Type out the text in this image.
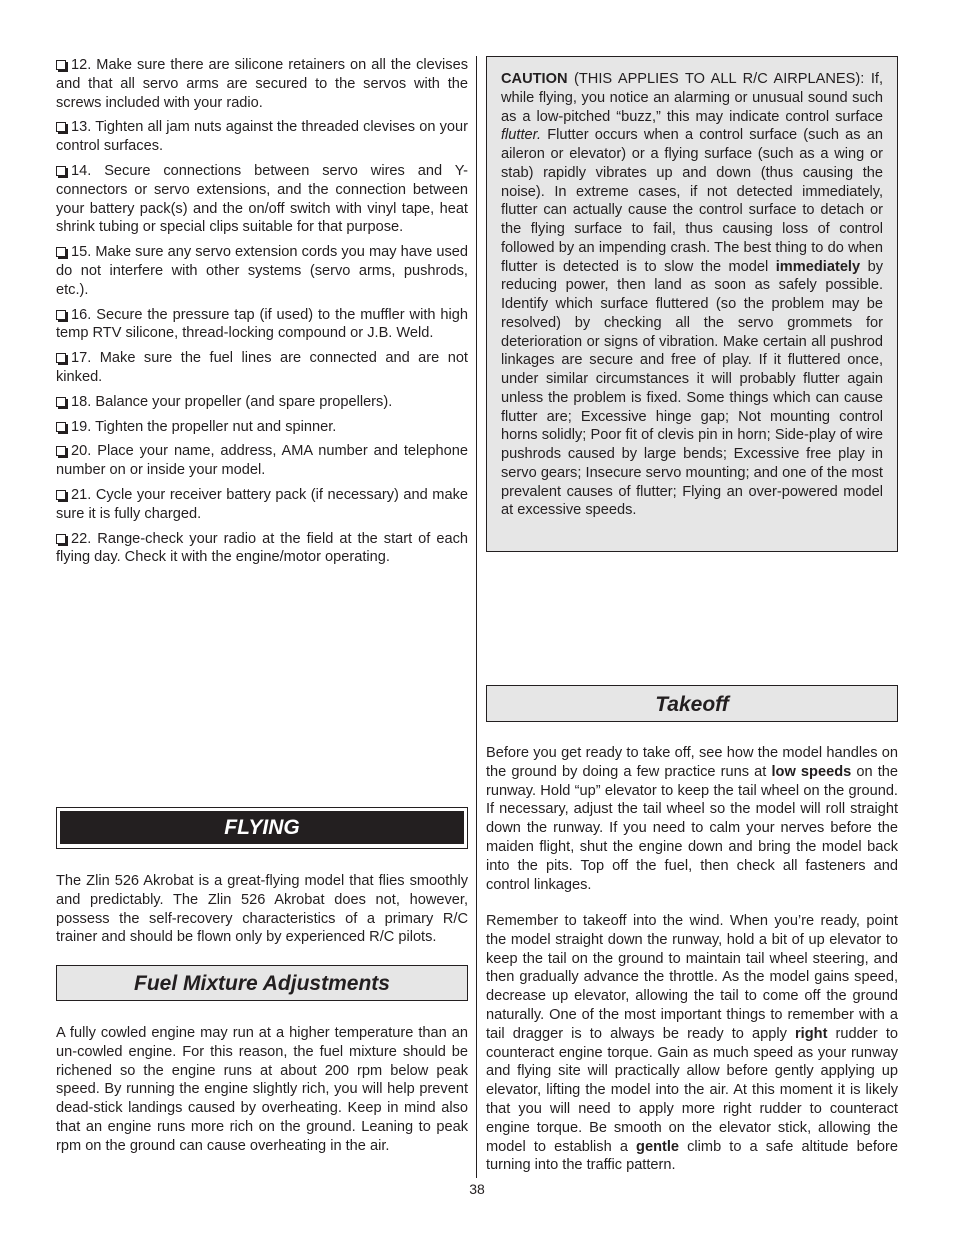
12. Make sure there are silicone retainers on all the clevises and that all servo arms are secured to the servos with the screws included with your radio.

13. Tighten all jam nuts against the threaded clevises on your control surfaces.

14. Secure connections between servo wires and Y-connectors or servo extensions, and the connection between your battery pack(s) and the on/off switch with vinyl tape, heat shrink tubing or special clips suitable for that purpose.

15. Make sure any servo extension cords you may have used do not interfere with other systems (servo arms, pushrods, etc.).

16. Secure the pressure tap (if used) to the muffler with high temp RTV silicone, thread-locking compound or J.B. Weld.

17. Make sure the fuel lines are connected and are not kinked.

18. Balance your propeller (and spare propellers).

19. Tighten the propeller nut and spinner.

20. Place your name, address, AMA number and telephone number on or inside your model.

21. Cycle your receiver battery pack (if necessary) and make sure it is fully charged.

22. Range-check your radio at the field at the start of each flying day. Check it with the engine/motor operating.

FLYING

The Zlin 526 Akrobat is a great-flying model that flies smoothly and predictably. The Zlin 526 Akrobat does not, however, possess the self-recovery characteristics of a primary R/C trainer and should be flown only by experienced R/C pilots.

Fuel Mixture Adjustments

A fully cowled engine may run at a higher temperature than an un-cowled engine. For this reason, the fuel mixture should be richened so the engine runs at about 200 rpm below peak speed. By running the engine slightly rich, you will help prevent dead-stick landings caused by overheating. Keep in mind also that an engine runs more rich on the ground. Leaning to peak rpm on the ground can cause overheating in the air.

CAUTION (THIS APPLIES TO ALL R/C AIRPLANES): If, while flying, you notice an alarming or unusual sound such as a low-pitched “buzz,” this may indicate control surface flutter. Flutter occurs when a control surface (such as an aileron or elevator) or a flying surface (such as a wing or stab) rapidly vibrates up and down (thus causing the noise). In extreme cases, if not detected immediately, flutter can actually cause the control surface to detach or the flying surface to fail, thus causing loss of control followed by an impending crash. The best thing to do when flutter is detected is to slow the model immediately by reducing power, then land as soon as safely possible. Identify which surface fluttered (so the problem may be resolved) by checking all the servo grommets for deterioration or signs of vibration. Make certain all pushrod linkages are secure and free of play. If it fluttered once, under similar circumstances it will probably flutter again unless the problem is fixed. Some things which can cause flutter are; Excessive hinge gap; Not mounting control horns solidly; Poor fit of clevis pin in horn; Side-play of wire pushrods caused by large bends; Excessive free play in servo gears; Insecure servo mounting; and one of the most prevalent causes of flutter; Flying an over-powered model at excessive speeds.

Takeoff

Before you get ready to take off, see how the model handles on the ground by doing a few practice runs at low speeds on the runway. Hold “up” elevator to keep the tail wheel on the ground. If necessary, adjust the tail wheel so the model will roll straight down the runway. If you need to calm your nerves before the maiden flight, shut the engine down and bring the model back into the pits. Top off the fuel, then check all fasteners and control linkages.

Remember to takeoff into the wind. When you’re ready, point the model straight down the runway, hold a bit of up elevator to keep the tail on the ground to maintain tail wheel steering, and then gradually advance the throttle. As the model gains speed, decrease up elevator, allowing the tail to come off the ground naturally. One of the most important things to remember with a tail dragger is to always be ready to apply right rudder to counteract engine torque. Gain as much speed as your runway and flying site will practically allow before gently applying up elevator, lifting the model into the air. At this moment it is likely that you will need to apply more right rudder to counteract engine torque. Be smooth on the elevator stick, allowing the model to establish a gentle climb to a safe altitude before turning into the traffic pattern.

38
